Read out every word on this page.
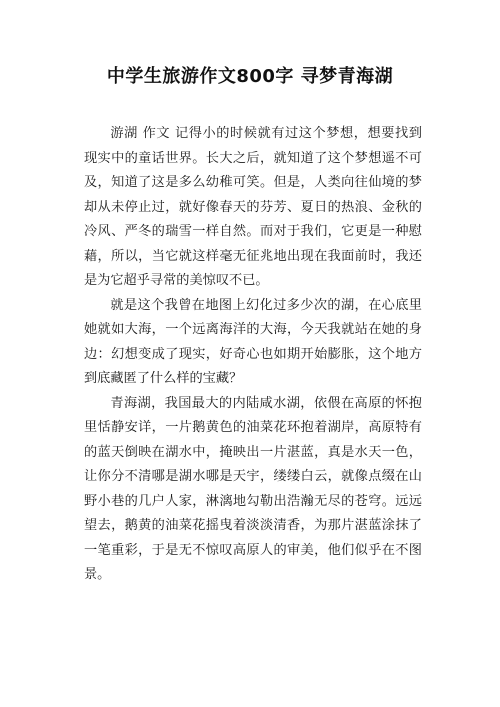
中学生旅游作文800字 寻梦青海湖

游湖 作文 记得小的时候就有过这个梦想，想要找到现实中的童话世界。长大之后，就知道了这个梦想遥不可及，知道了这是多么幼稚可笑。但是，人类向往仙境的梦却从未停止过，就好像春天的芬芳、夏日的热浪、金秋的冷风、严冬的瑞雪一样自然。而对于我们，它更是一种慰藉，所以，当它就这样毫无征兆地出现在我面前时，我还是为它超乎寻常的美惊叹不已。

就是这个我曾在地图上幻化过多少次的湖，在心底里她就如大海，一个远离海洋的大海，今天我就站在她的身边：幻想变成了现实，好奇心也如期开始膨胀，这个地方到底藏匿了什么样的宝藏？

青海湖，我国最大的内陆咸水湖，依偎在高原的怀抱里恬静安详，一片鹅黄色的油菜花环抱着湖岸，高原特有的蓝天倒映在湖水中，掩映出一片湛蓝，真是水天一色，让你分不清哪是湖水哪是天宇，缕缕白云，就像点缀在山野小巷的几户人家，淋漓地勾勒出浩瀚无尽的苍穹。远远望去，鹅黄的油菜花摇曳着淡淡清香，为那片湛蓝涂抹了一笔重彩，于是无不惊叹高原人的审美，他们似乎在不图景。
